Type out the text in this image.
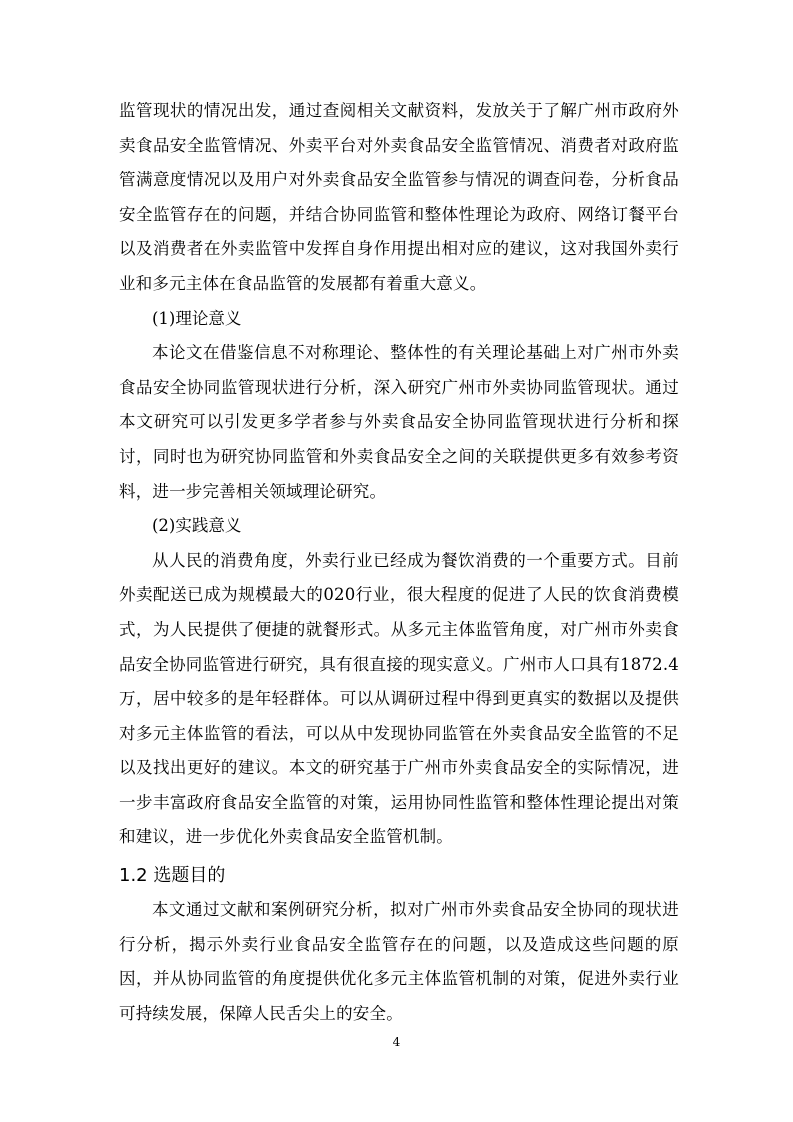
监管现状的情况出发，通过查阅相关文献资料，发放关于了解广州市政府外卖食品安全监管情况、外卖平台对外卖食品安全监管情况、消费者对政府监管满意度情况以及用户对外卖食品安全监管参与情况的调查问卷，分析食品安全监管存在的问题，并结合协同监管和整体性理论为政府、网络订餐平台以及消费者在外卖监管中发挥自身作用提出相对应的建议，这对我国外卖行业和多元主体在食品监管的发展都有着重大意义。

(1)理论意义

本论文在借鉴信息不对称理论、整体性的有关理论基础上对广州市外卖食品安全协同监管现状进行分析，深入研究广州市外卖协同监管现状。通过本文研究可以引发更多学者参与外卖食品安全协同监管现状进行分析和探讨，同时也为研究协同监管和外卖食品安全之间的关联提供更多有效参考资料，进一步完善相关领域理论研究。

(2)实践意义

从人民的消费角度，外卖行业已经成为餐饮消费的一个重要方式。目前外卖配送已成为规模最大的020行业，很大程度的促进了人民的饮食消费模式，为人民提供了便捷的就餐形式。从多元主体监管角度，对广州市外卖食品安全协同监管进行研究，具有很直接的现实意义。广州市人口具有1872.4万，居中较多的是年轻群体。可以从调研过程中得到更真实的数据以及提供对多元主体监管的看法，可以从中发现协同监管在外卖食品安全监管的不足以及找出更好的建议。本文的研究基于广州市外卖食品安全的实际情况，进一步丰富政府食品安全监管的对策，运用协同性监管和整体性理论提出对策和建议，进一步优化外卖食品安全监管机制。

1.2 选题目的

本文通过文献和案例研究分析，拟对广州市外卖食品安全协同的现状进行分析，揭示外卖行业食品安全监管存在的问题，以及造成这些问题的原因，并从协同监管的角度提供优化多元主体监管机制的对策，促进外卖行业可持续发展，保障人民舌尖上的安全。

4
